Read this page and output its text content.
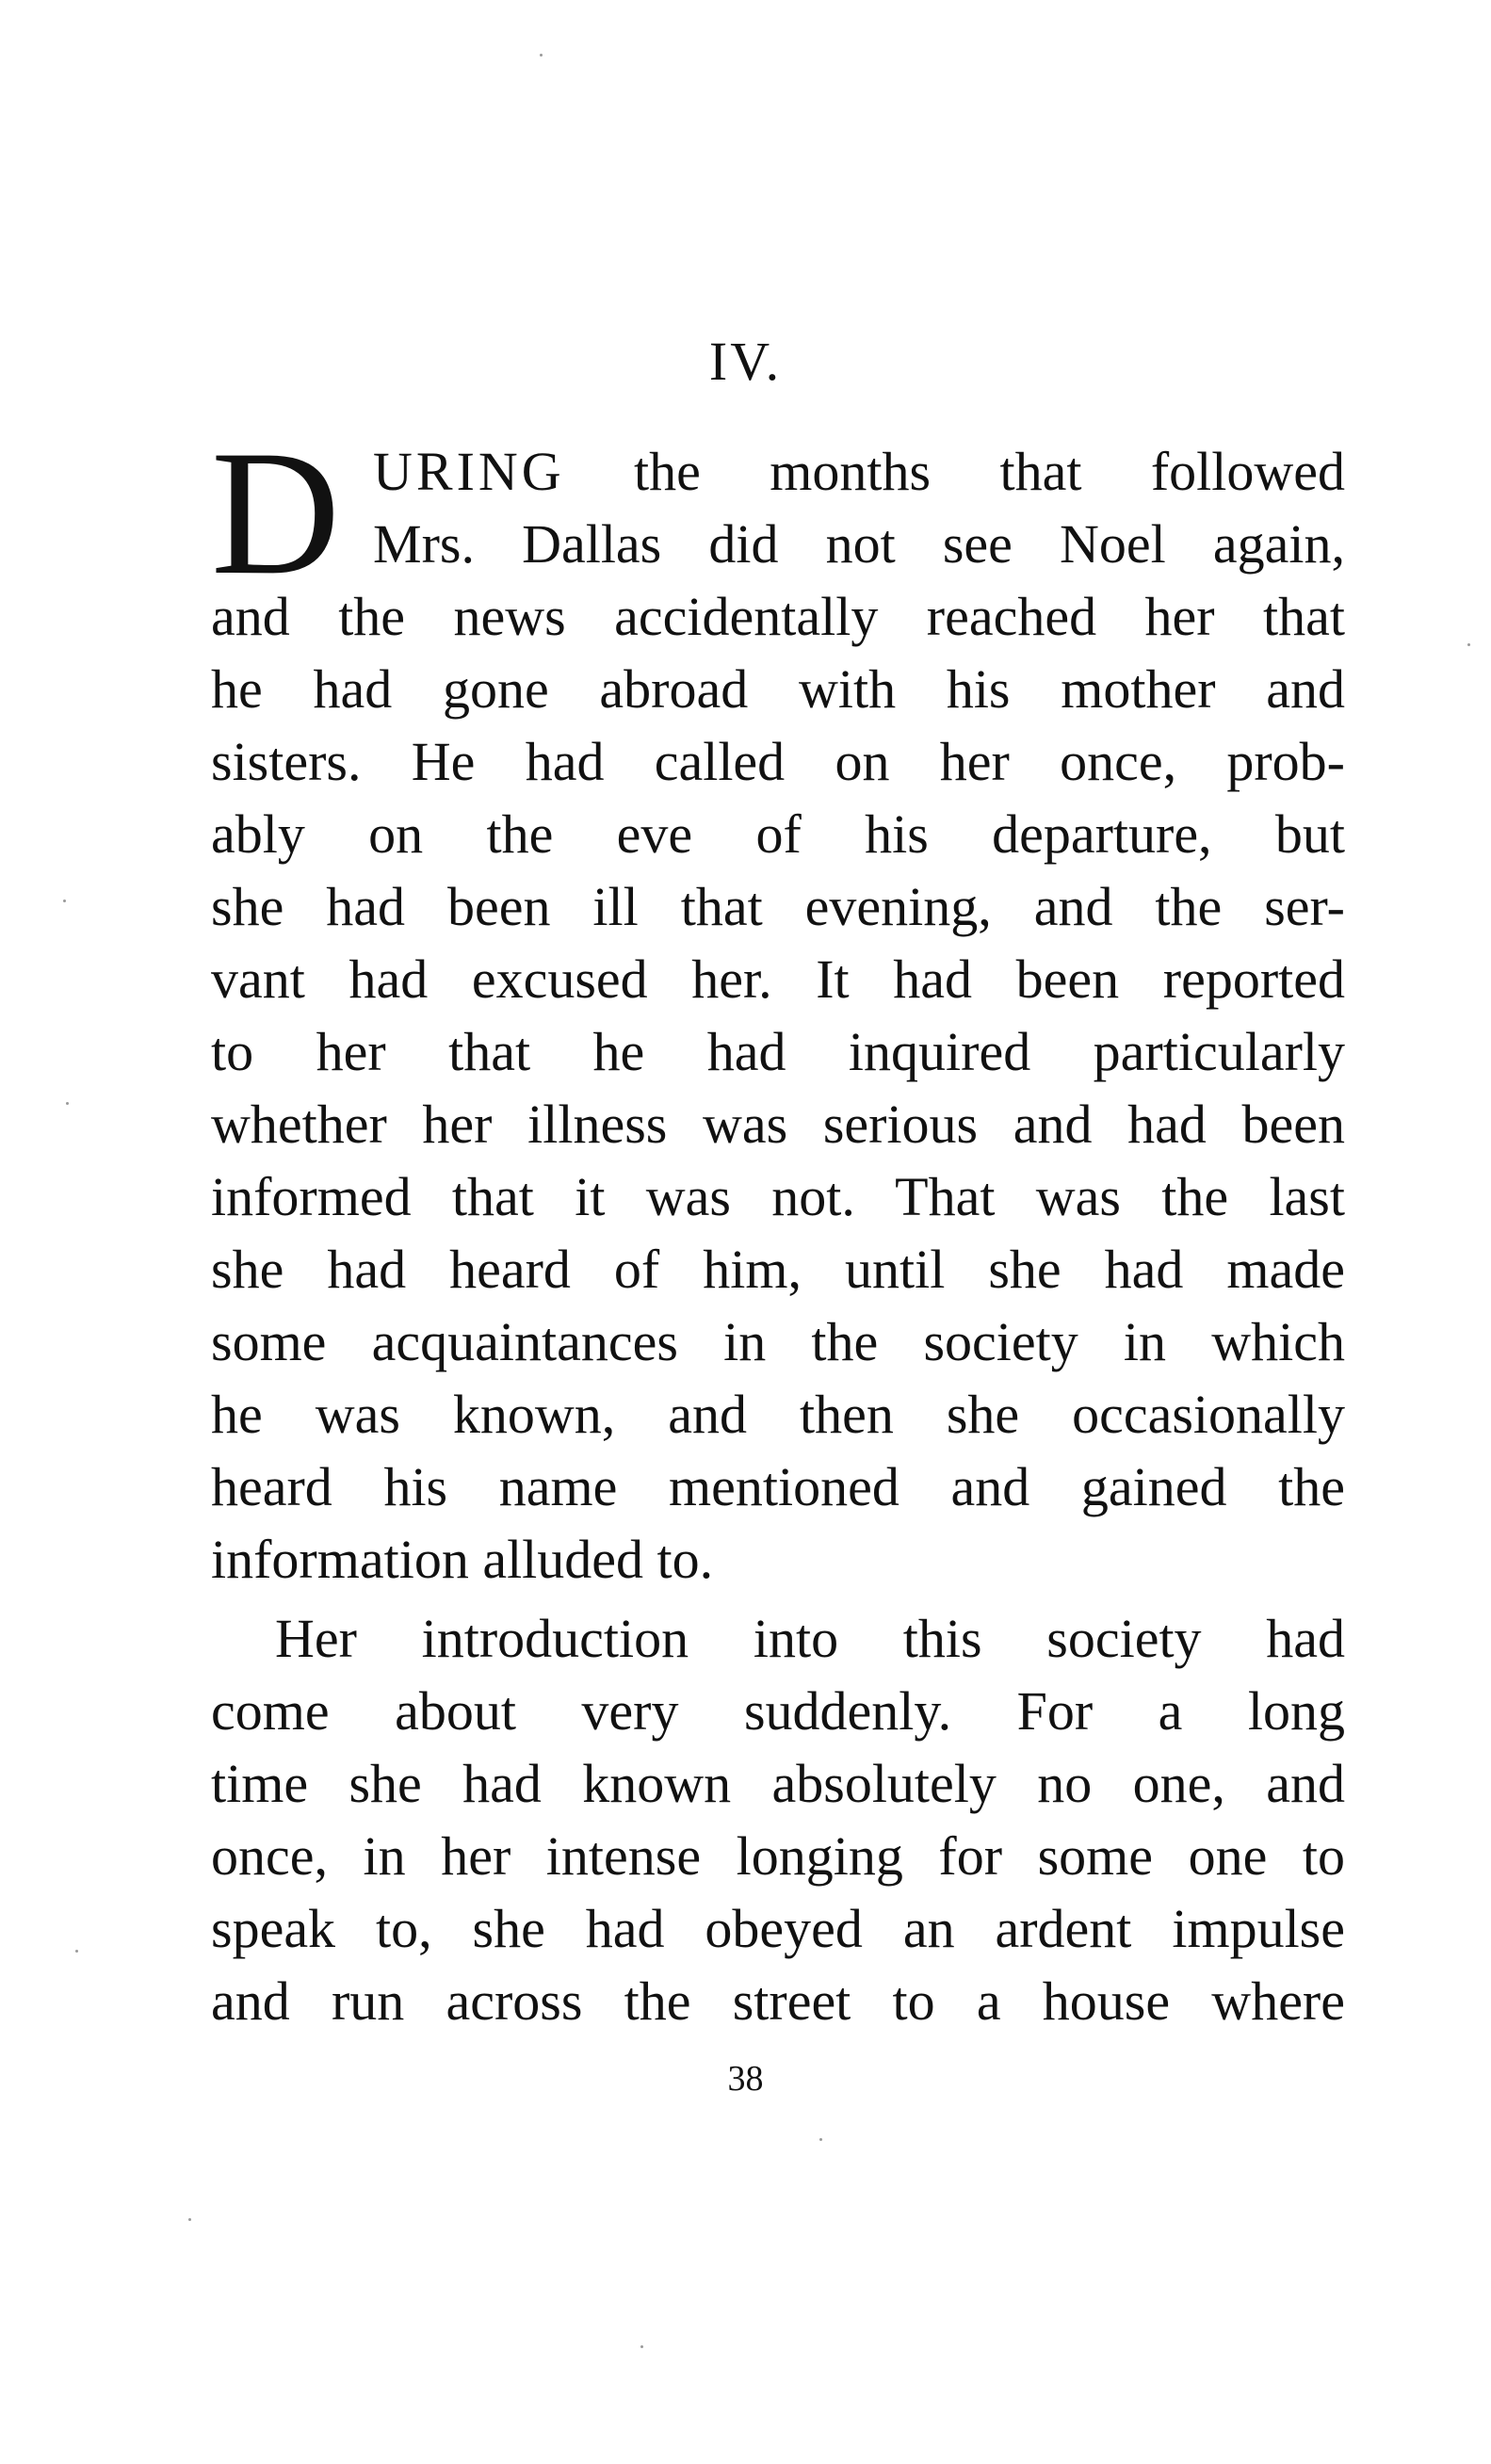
IV.
D URING the months that followed
Mrs. Dallas did not see Noel again,
and the news accidentally reached her that
he had gone abroad with his mother and
sisters. He had called on her once, prob-
ably on the eve of his departure, but
she had been ill that evening, and the ser-
vant had excused her. It had been reported
to her that he had inquired particularly
whether her illness was serious and had been
informed that it was not. That was the last
she had heard of him, until she had made
some acquaintances in the society in which
he was known, and then she occasionally
heard his name mentioned and gained the
information alluded to.
Her introduction into this society had
come about very suddenly. For a long
time she had known absolutely no one, and
once, in her intense longing for some one to
speak to, she had obeyed an ardent impulse
and run across the street to a house where
38
